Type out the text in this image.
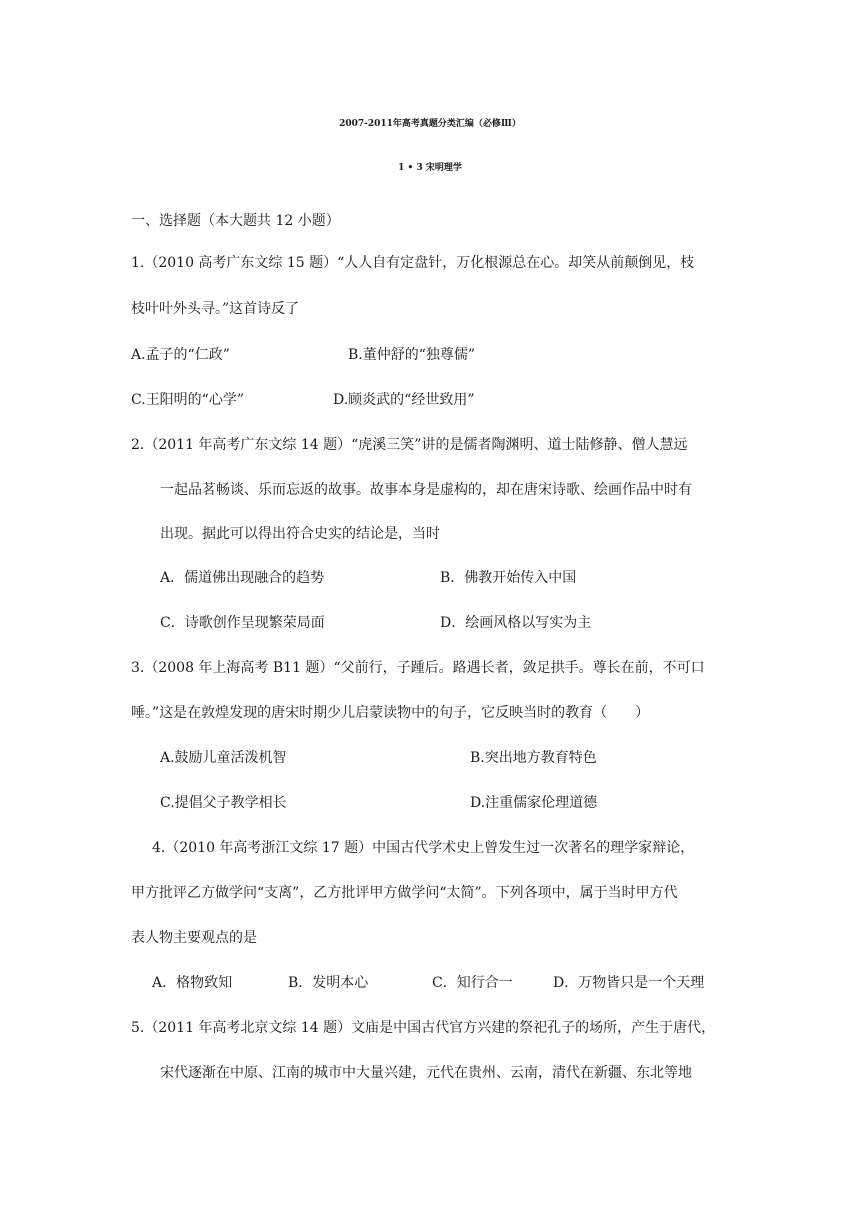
2007-2011年高考真题分类汇编（必修Ⅲ）
1 • 3 宋明理学
一、选择题（本大题共 12 小题）
1.（2010 高考广东文综 15 题）“人人自有定盘针，万化根源总在心。却笑从前颠倒见，枝
枝叶叶外头寻。”这首诗反了
A.孟子的“仁政”	B.董仲舒的“独尊儒”
C.王阳明的“心学”	D.顾炎武的“经世致用”
2.（2011 年高考广东文综 14 题）“虎溪三笑”讲的是儒者陶渊明、道士陆修静、僧人慧远
一起品茗畅谈、乐而忘返的故事。故事本身是虚构的，却在唐宋诗歌、绘画作品中时有
出现。据此可以得出符合史实的结论是，当时
A．儒道佛出现融合的趋势	B．佛教开始传入中国
C．诗歌创作呈现繁荣局面	D．绘画风格以写实为主
3.（2008 年上海高考 B11 题）“父前行，子踵后。路遇长者，敛足拱手。尊长在前，不可口
唾。”这是在敦煌发现的唐宋时期少儿启蒙读物中的句子，它反映当时的教育（　　）
A.鼓励儿童活泼机智	B.突出地方教育特色
C.提倡父子教学相长	D.注重儒家伦理道德
4.（2010 年高考浙江文综 17 题）中国古代学术史上曾发生过一次著名的理学家辩论，
甲方批评乙方做学问“支离”，乙方批评甲方做学问“太简”。下列各项中，属于当时甲方代
表人物主要观点的是
A．格物致知	B．发明本心	C．知行合一	D．万物皆只是一个天理
5.（2011 年高考北京文综 14 题）文庙是中国古代官方兴建的祭祀孔子的场所，产生于唐代，
宋代逐渐在中原、江南的城市中大量兴建，元代在贵州、云南，清代在新疆、东北等地
